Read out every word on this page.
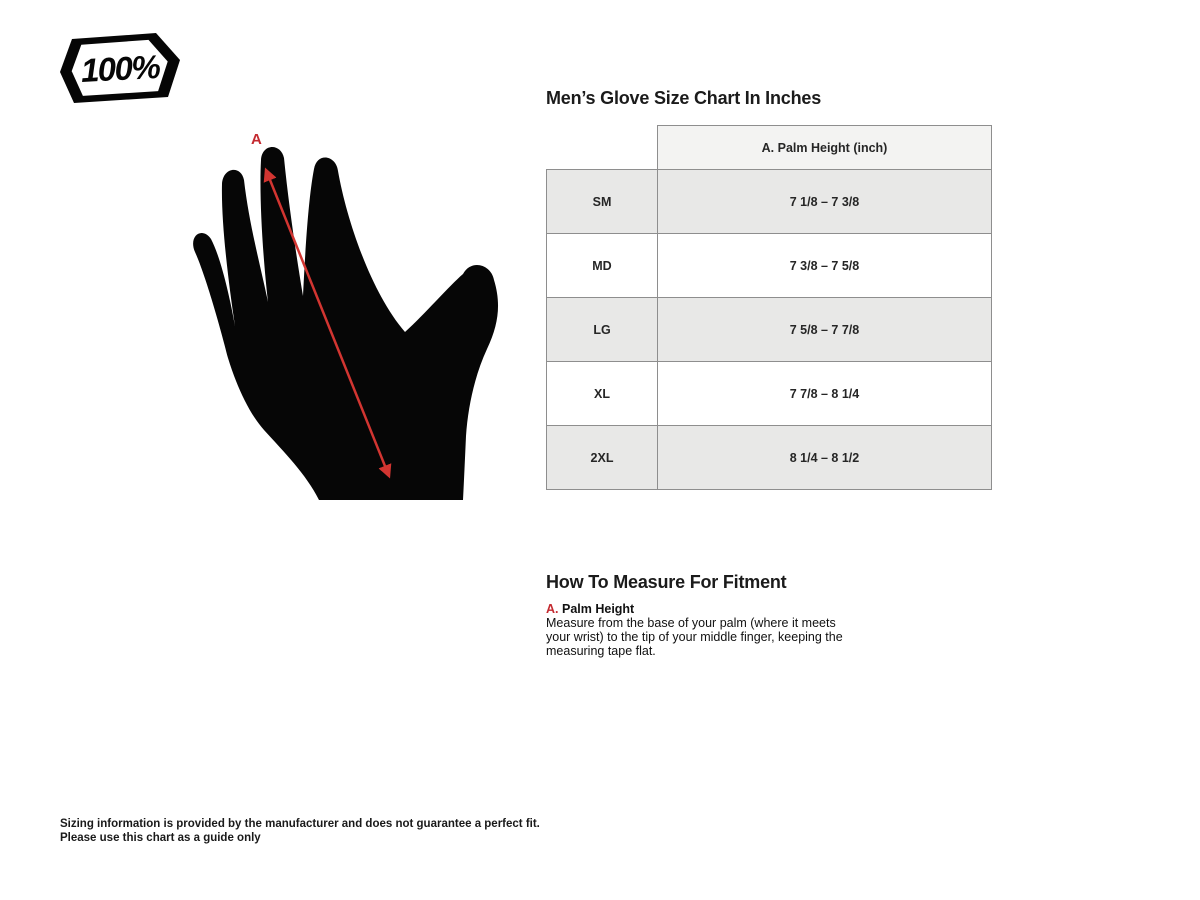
100%
A
Men’s Glove Size Chart In Inches
	A. Palm Height (inch)
SM	7 1/8 – 7 3/8
MD	7 3/8 – 7 5/8
LG	7 5/8 – 7 7/8
XL	7 7/8 – 8 1/4
2XL	8 1/4 – 8 1/2
How To Measure For Fitment

A. Palm Height

Measure from the base of your palm (where it meets your wrist) to the tip of your middle finger, keeping the measuring tape flat.

Sizing information is provided by the manufacturer and does not guarantee a perfect fit.

Please use this chart as a guide only
